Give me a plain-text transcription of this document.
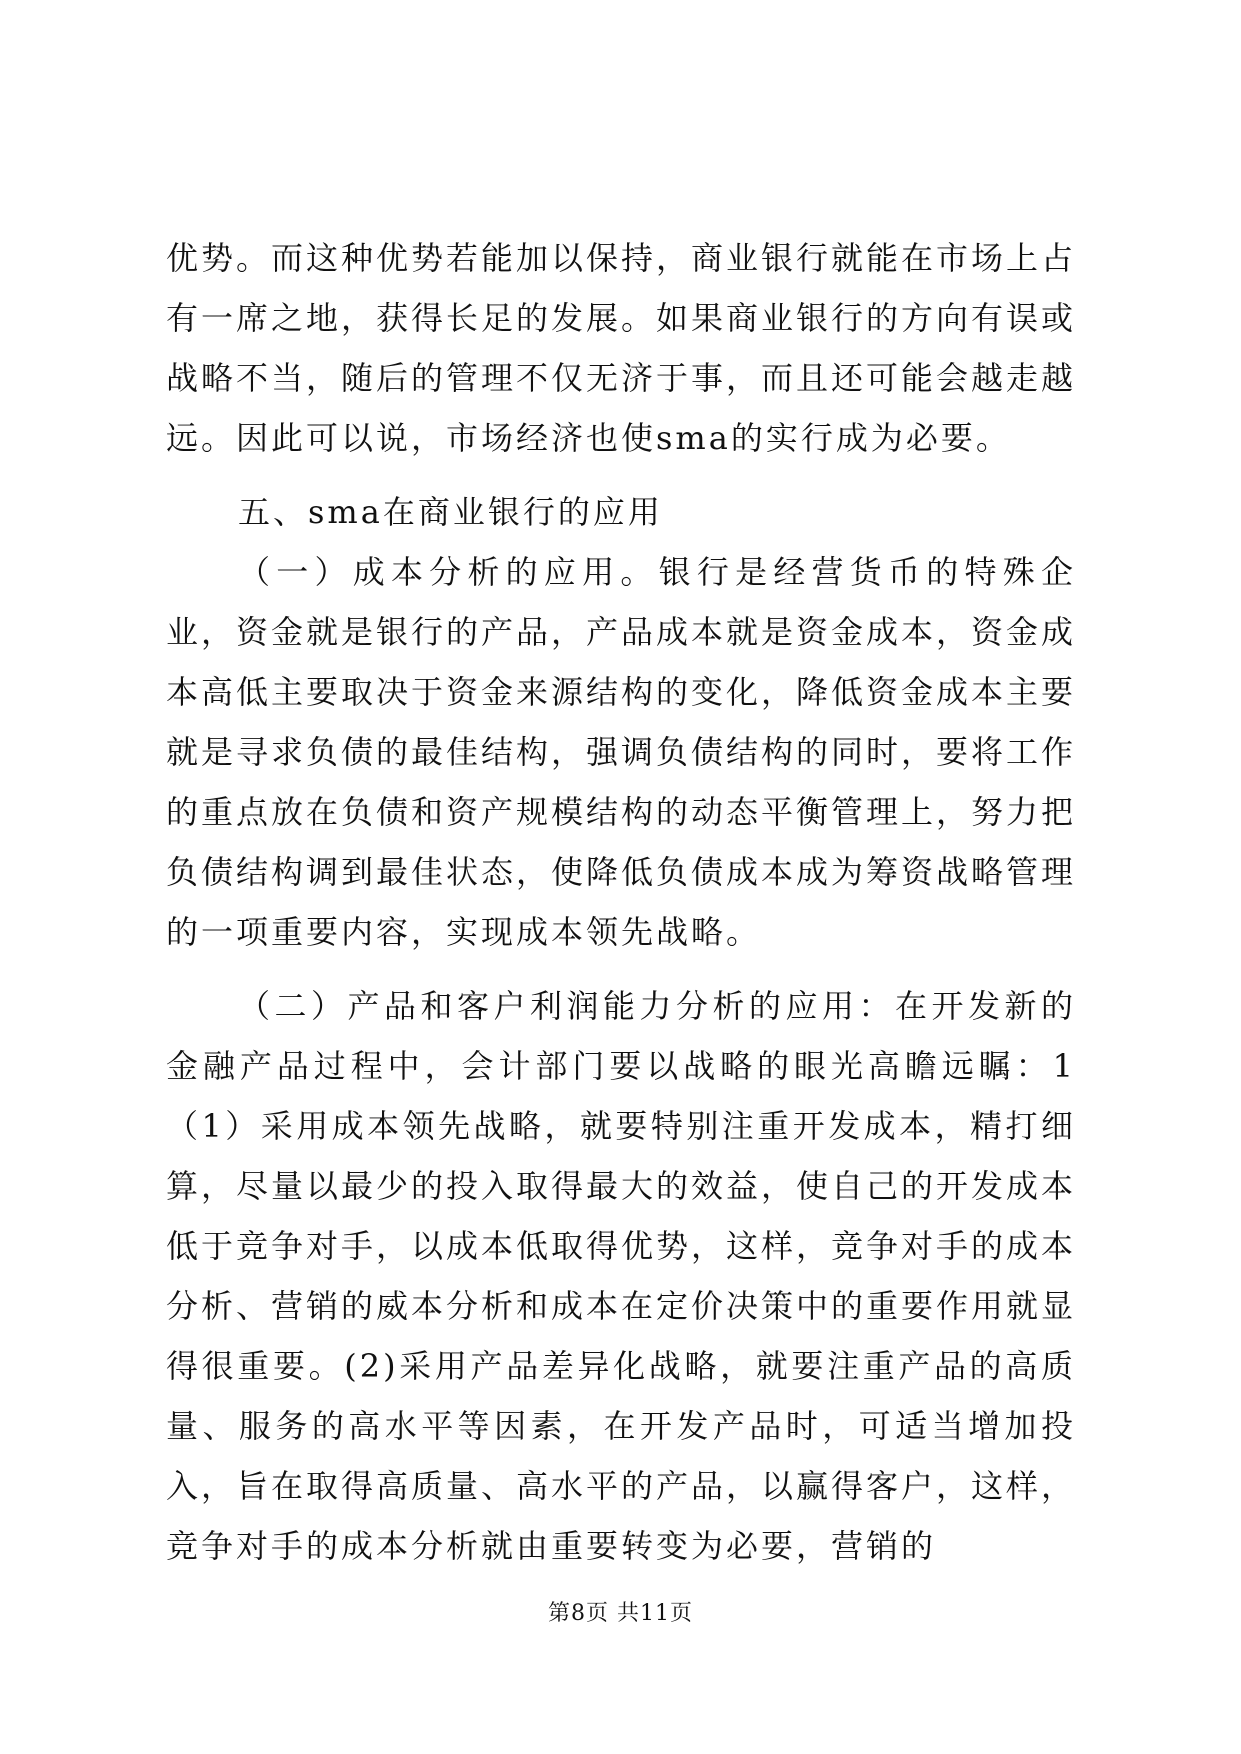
优势。而这种优势若能加以保持，商业银行就能在市场上占有一席之地，获得长足的发展。如果商业银行的方向有误或战略不当，随后的管理不仅无济于事，而且还可能会越走越远。因此可以说，市场经济也使sma的实行成为必要。

五、sma在商业银行的应用

（一）成本分析的应用。银行是经营货币的特殊企业，资金就是银行的产品，产品成本就是资金成本，资金成本高低主要取决于资金来源结构的变化，降低资金成本主要就是寻求负债的最佳结构，强调负债结构的同时，要将工作的重点放在负债和资产规模结构的动态平衡管理上，努力把负债结构调到最佳状态，使降低负债成本成为筹资战略管理的一项重要内容，实现成本领先战略。

（二）产品和客户利润能力分析的应用：在开发新的金融产品过程中，会计部门要以战略的眼光高瞻远瞩：1（1）采用成本领先战略，就要特别注重开发成本，精打细算，尽量以最少的投入取得最大的效益，使自己的开发成本低于竞争对手，以成本低取得优势，这样，竞争对手的成本分析、营销的威本分析和成本在定价决策中的重要作用就显得很重要。(2)采用产品差异化战略，就要注重产品的高质量、服务的高水平等因素，在开发产品时，可适当增加投入，旨在取得高质量、高水平的产品，以赢得客户，这样，竞争对手的成本分析就由重要转变为必要，营销的

第8页 共11页
